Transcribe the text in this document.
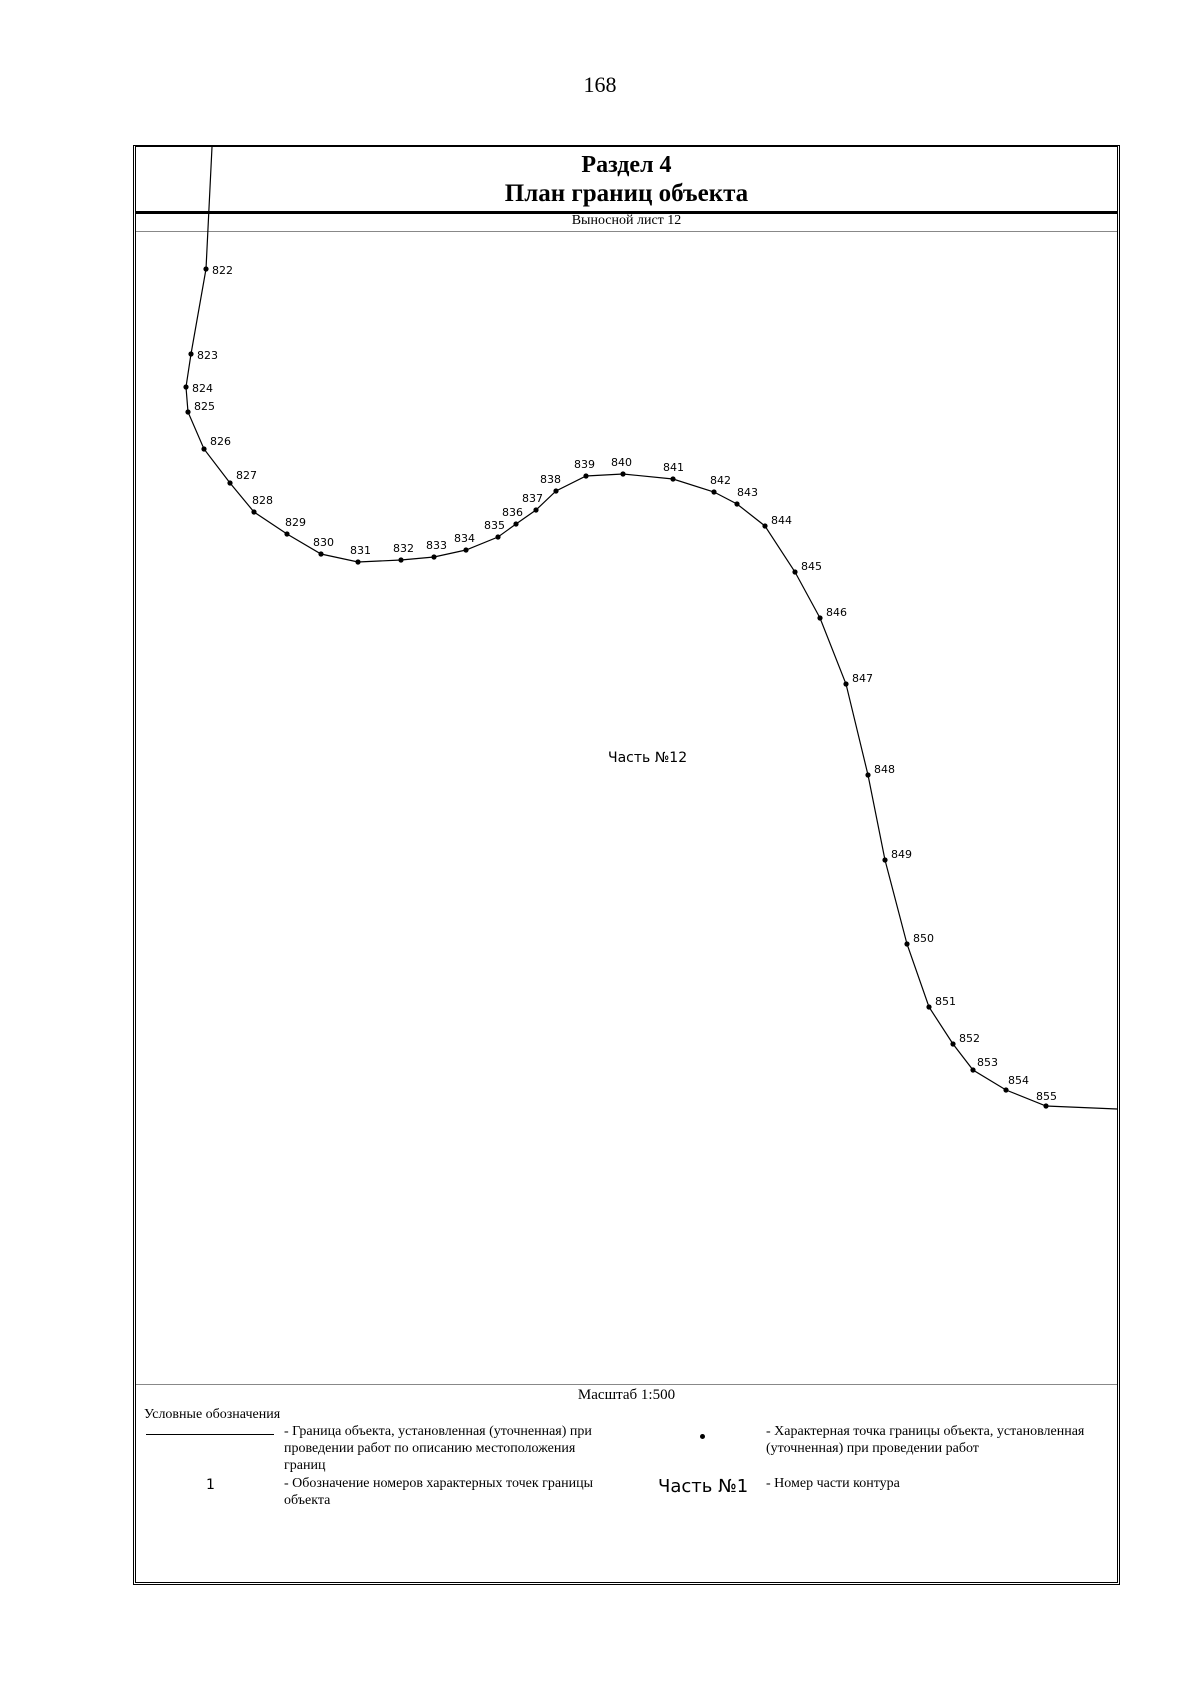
168
Раздел 4
План границ объекта
Выносной лист 12
822
823
824
825
826
827
828
829
830
831 832 833
834
835
836
837
838
839 840	841
842
843
844
845
846
847
848
849
850
851
852
853
854
855
Часть №12
Масштаб 1:500
Условные обозначения
- Граница объекта, установленная (уточненная) при проведении работ по описанию местоположения границ
- Характерная точка границы объекта, установленная (уточненная) при проведении работ
1	- Обозначение номеров характерных точек границы объекта
Часть №1 - Номер части контура
